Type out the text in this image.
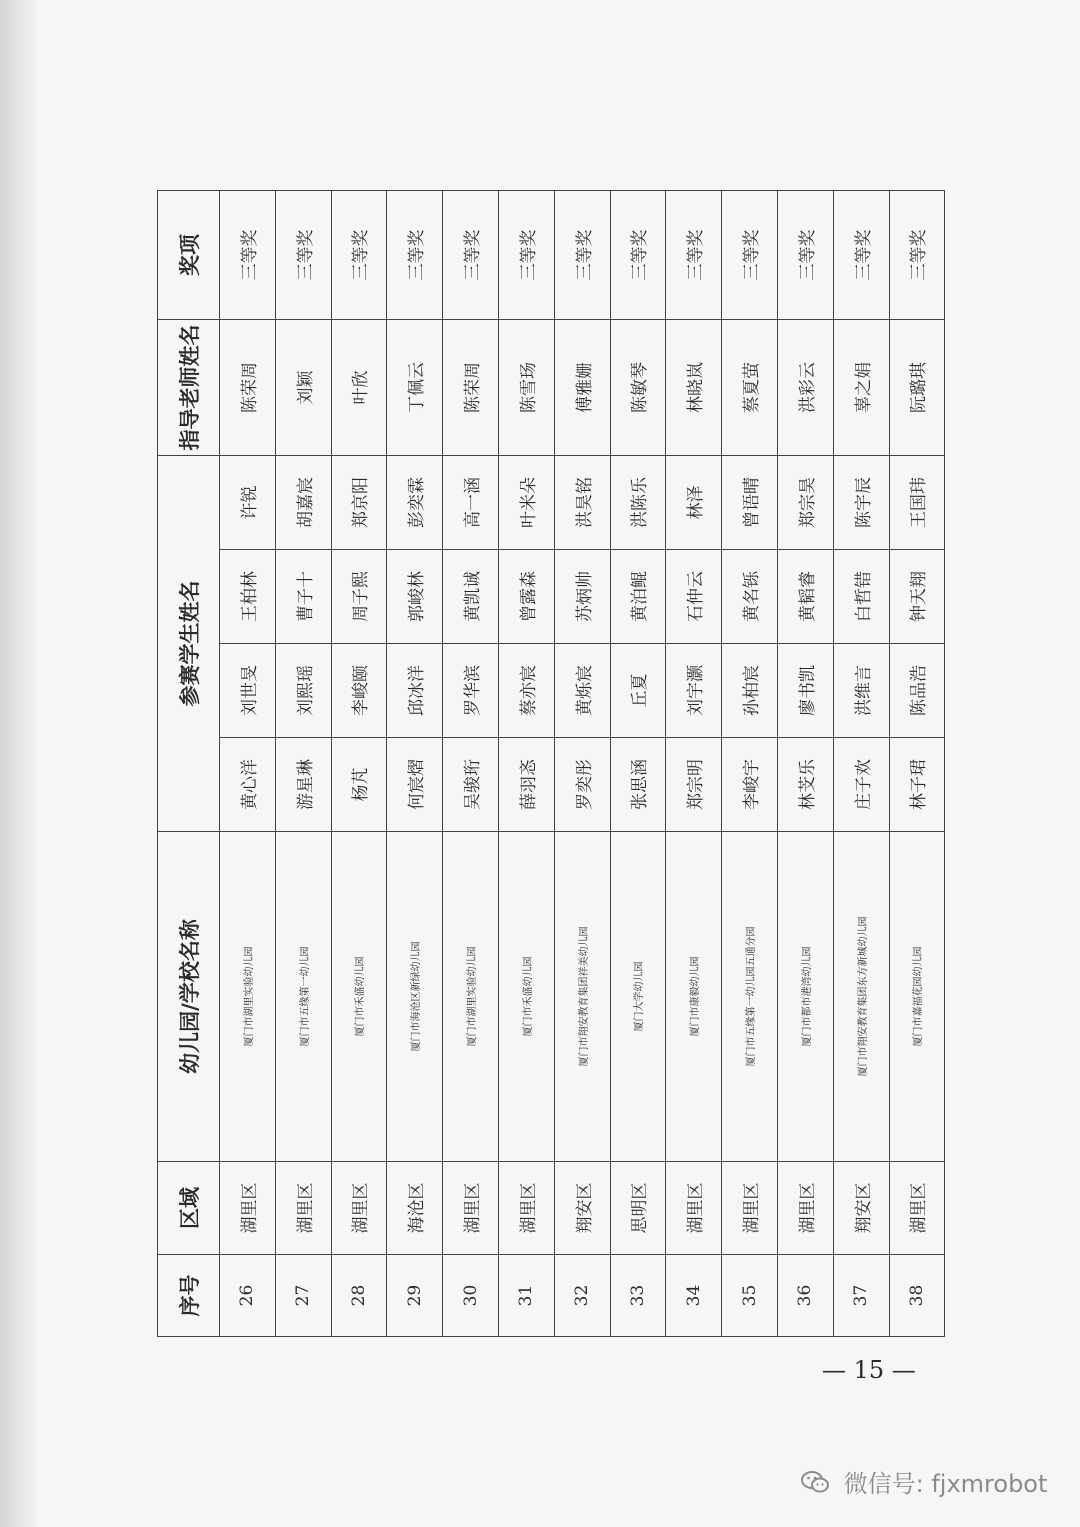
序号	区域	幼儿园/学校名称	参赛学生姓名				指导老师姓名	奖项
26	湖里区	厦门市湖里实验幼儿园	黄心洋	刘世旻	王柏林	许锐	陈荣周	三等奖
27	湖里区	厦门市五缘第一幼儿园	游星琳	刘熙瑶	曹子十	胡嘉宸	刘颖	三等奖
28	湖里区	厦门市禾盛幼儿园	杨芃	李峻颐	周子熙	郑京阳	叶欣	三等奖
29	海沧区	厦门市海沧区新绿幼儿园	何宸熠	邱冰洋	郭峻林	彭奕霖	丁佩云	三等奖
30	湖里区	厦门市湖里实验幼儿园	吴骏珩	罗华滨	黄凯诚	高一涵	陈荣周	三等奖
31	湖里区	厦门市禾盛幼儿园	薛羽忞	蔡亦宸	曾露森	叶米朵	陈雪玚	三等奖
32	翔安区	厦门市翔安教育集团祥美幼儿园	罗奕彤	黄烁宸	苏炳帅	洪昊铭	傅雅姗	三等奖
33	思明区	厦门大学幼儿园	张思涵	丘夏	黄泊鲲	洪陈乐	陈敏琴	三等奖
34	湖里区	厦门市康毅幼儿园	郑宗明	刘宇灏	石仲云	林泽	林晓岚	三等奖
35	湖里区	厦门市五缘第一幼儿园五通分园	李峻宇	孙柏宸	黄名铄	曾语晴	蔡夏萤	三等奖
36	湖里区	厦门市都市港湾幼儿园	林芠乐	廖书凯	黄韬睿	郑宗昊	洪彩云	三等奖
37	翔安区	厦门市翔安教育集团东方新城幼儿园	庄子欢	洪维言	白哲错	陈宇辰	辜之娟	三等奖
38	湖里区	厦门市嘉福花园幼儿园	林子珺	陈品浩	钟天翔	王国玮	阮璐琪	三等奖
— 15 —
微信号: fjxmrobot
